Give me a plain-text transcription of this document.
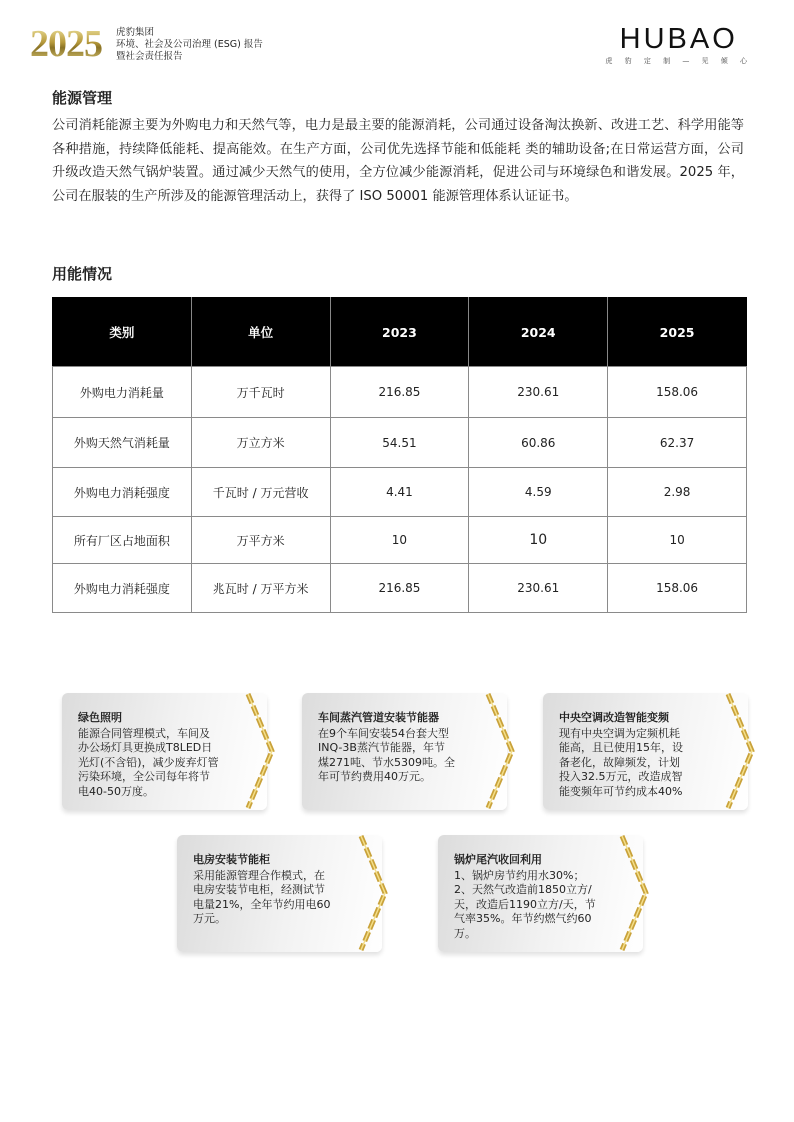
2025 虎豹集团
环境、社会及公司治理 (ESG) 报告
暨社会责任报告
HUBAO
虎 豹 定 制 — 见 倾 心
能源管理
公司消耗能源主要为外购电力和天然气等，电力是最主要的能源消耗，公司通过设备淘汰换新、改进工艺、科学用能等各种措施，持续降低能耗、提高能效。在生产方面，公司优先选择节能和低能耗 类的辅助设备;在日常运营方面，公司升级改造天然气锅炉装置。通过减少天然气的使用，全方位减少能源消耗，促进公司与环境绿色和谐发展。2025 年，公司在服装的生产所涉及的能源管理活动上，获得了 ISO 50001 能源管理体系认证证书。
用能情况
类别	单位	2023	2024	2025
外购电力消耗量	万千瓦时	216.85	230.61	158.06
外购天然气消耗量	万立方米	54.51	60.86	62.37
外购电力消耗强度	千瓦时 / 万元营收	4.41	4.59	2.98
所有厂区占地面积	万平方米	10	10	10
外购电力消耗强度	兆瓦时 / 万平方米	216.85	230.61	158.06
绿色照明
能源合同管理模式，车间及
办公场灯具更换成T8LED日
光灯(不含铅)，减少废弃灯管
污染环境，全公司每年将节
电40-50万度。
车间蒸汽管道安装节能器
在9个车间安装54台套大型
INQ-3B蒸汽节能器，年节
煤271吨、节水5309吨。全
年可节约费用40万元。
中央空调改造智能变频
现有中央空调为定频机耗
能高，且已使用15年，设
备老化，故障频发，计划
投入32.5万元，改造成智
能变频年可节约成本40%
电房安装节能柜
采用能源管理合作模式，在
电房安装节电柜，经测试节
电量21%，全年节约用电60
万元。
锅炉尾汽收回利用
1、锅炉房节约用水30%；
2、天然气改造前1850立方/
天，改造后1190立方/天，节
气率35%。年节约燃气约60
万。
